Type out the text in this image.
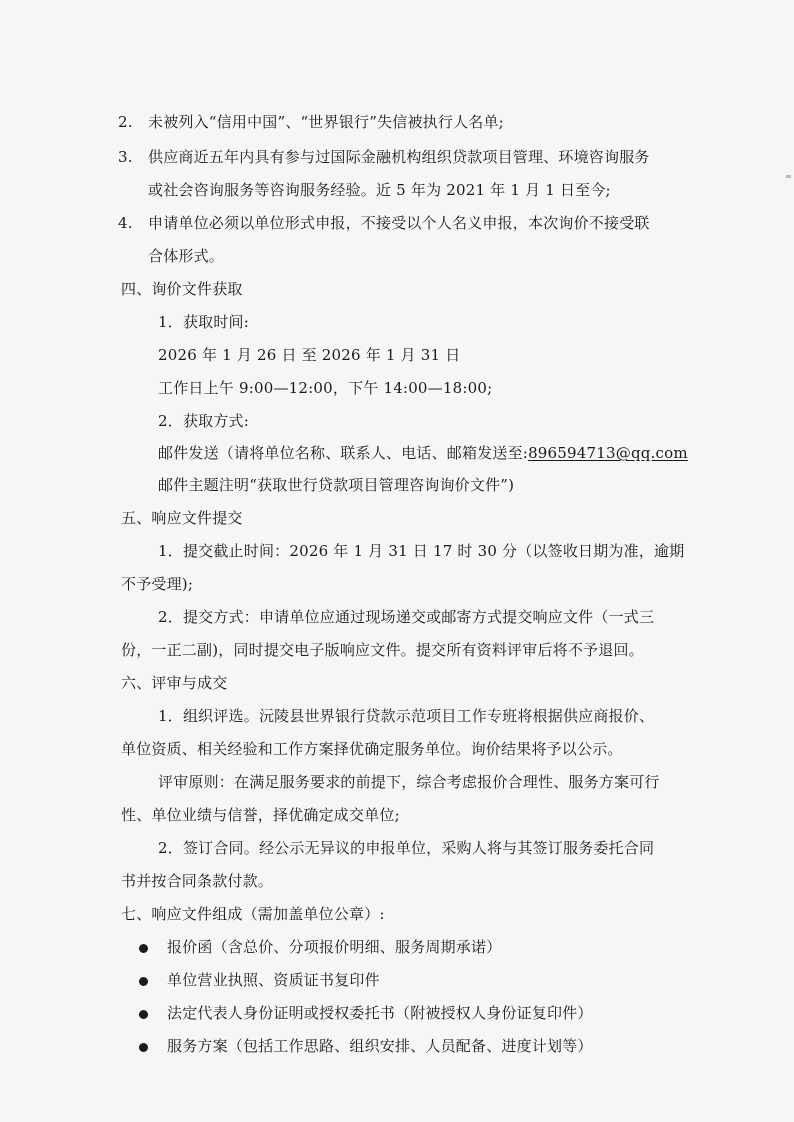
2. 未被列入“信用中国”、“世界银行”失信被执行人名单;
3. 供应商近五年内具有参与过国际金融机构组织贷款项目管理、环境咨询服务
或社会咨询服务等咨询服务经验。近 5 年为 2021 年 1 月 1 日至今;
4. 申请单位必须以单位形式申报，不接受以个人名义申报，本次询价不接受联
合体形式。
四、询价文件获取
1．获取时间:
2026 年 1 月 26 日 至 2026 年 1 月 31 日
工作日上午 9:00—12:00，下午 14:00—18:00;
2．获取方式:
邮件发送（请将单位名称、联系人、电话、邮箱发送至:896594713@qq.com
邮件主题注明“获取世行贷款项目管理咨询询价文件”)
五、响应文件提交
1．提交截止时间：2026 年 1 月 31 日 17 时 30 分（以签收日期为准，逾期
不予受理);
2．提交方式：申请单位应通过现场递交或邮寄方式提交响应文件（一式三
份，一正二副)，同时提交电子版响应文件。提交所有资料评审后将不予退回。
六、评审与成交
1．组织评选。沅陵县世界银行贷款示范项目工作专班将根据供应商报价、
单位资质、相关经验和工作方案择优确定服务单位。询价结果将予以公示。
评审原则：在满足服务要求的前提下，综合考虑报价合理性、服务方案可行
性、单位业绩与信誉，择优确定成交单位;
2．签订合同。经公示无异议的申报单位，采购人将与其签订服务委托合同
书并按合同条款付款。
七、响应文件组成（需加盖单位公章）:
报价函（含总价、分项报价明细、服务周期承诺）
单位营业执照、资质证书复印件
法定代表人身份证明或授权委托书（附被授权人身份证复印件）
服务方案（包括工作思路、组织安排、人员配备、进度计划等）
